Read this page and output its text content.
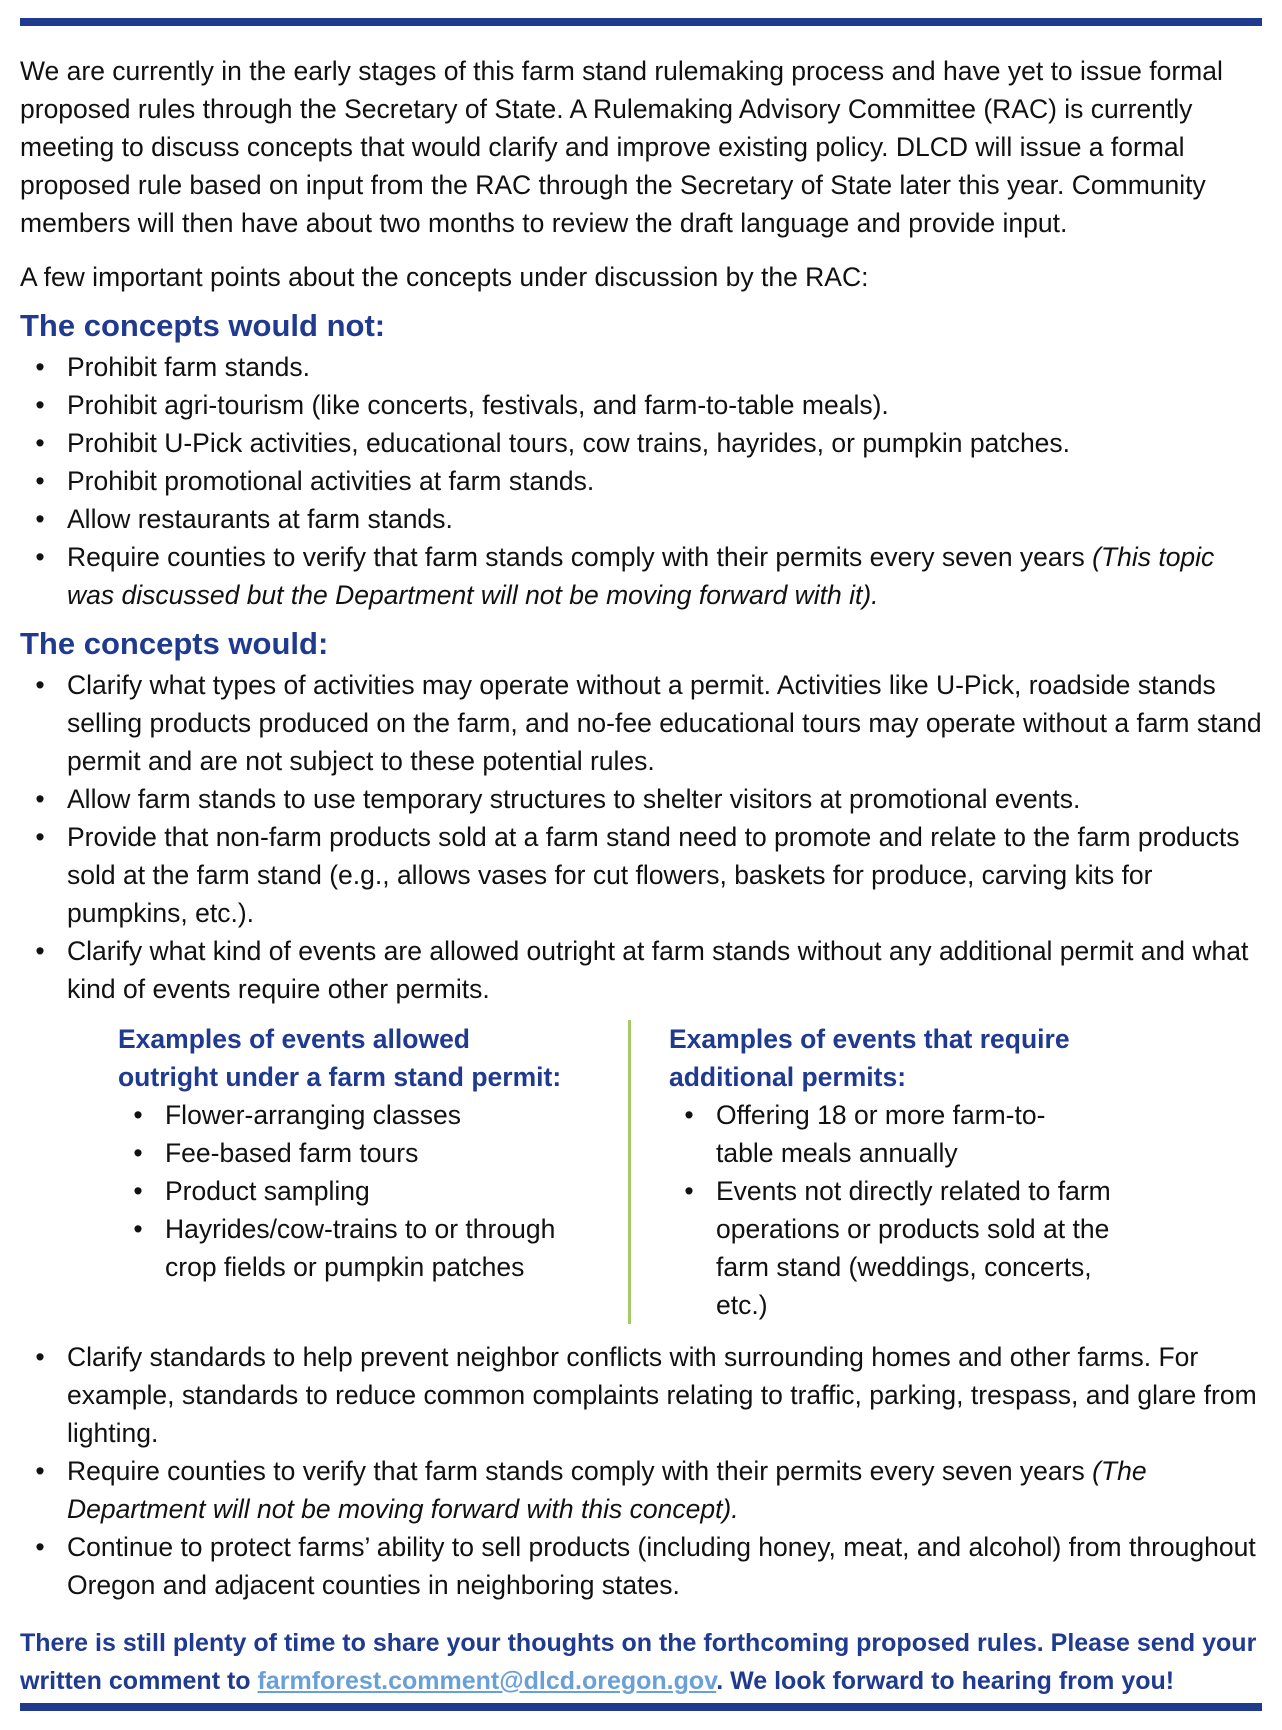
We are currently in the early stages of this farm stand rulemaking process and have yet to issue formal proposed rules through the Secretary of State. A Rulemaking Advisory Committee (RAC) is currently meeting to discuss concepts that would clarify and improve existing policy. DLCD will issue a formal proposed rule based on input from the RAC through the Secretary of State later this year. Community members will then have about two months to review the draft language and provide input.

A few important points about the concepts under discussion by the RAC:

The concepts would not:
• Prohibit farm stands.
• Prohibit agri-tourism (like concerts, festivals, and farm-to-table meals).
• Prohibit U-Pick activities, educational tours, cow trains, hayrides, or pumpkin patches.
• Prohibit promotional activities at farm stands.
• Allow restaurants at farm stands.
• Require counties to verify that farm stands comply with their permits every seven years (This topic was discussed but the Department will not be moving forward with it).
The concepts would:
• Clarify what types of activities may operate without a permit. Activities like U-Pick, roadside stands selling products produced on the farm, and no-fee educational tours may operate without a farm stand permit and are not subject to these potential rules.
• Allow farm stands to use temporary structures to shelter visitors at promotional events.
• Provide that non-farm products sold at a farm stand need to promote and relate to the farm products sold at the farm stand (e.g., allows vases for cut flowers, baskets for produce, carving kits for pumpkins, etc.).
• Clarify what kind of events are allowed outright at farm stands without any additional permit and what kind of events require other permits.
Examples of events allowed
outright under a farm stand permit:
• Flower-arranging classes
• Fee-based farm tours
• Product sampling
• Hayrides/cow-trains to or through crop fields or pumpkin patches
Examples of events that require
additional permits:
• Offering 18 or more farm-to-table meals annually
• Events not directly related to farm operations or products sold at the farm stand (weddings, concerts, etc.)
• Clarify standards to help prevent neighbor conflicts with surrounding homes and other farms. For example, standards to reduce common complaints relating to traffic, parking, trespass, and glare from lighting.
• Require counties to verify that farm stands comply with their permits every seven years (The Department will not be moving forward with this concept).
• Continue to protect farms’ ability to sell products (including honey, meat, and alcohol) from throughout Oregon and adjacent counties in neighboring states.

There is still plenty of time to share your thoughts on the forthcoming proposed rules. Please send your written comment to farmforest.comment@dlcd.oregon.gov. We look forward to hearing from you!
